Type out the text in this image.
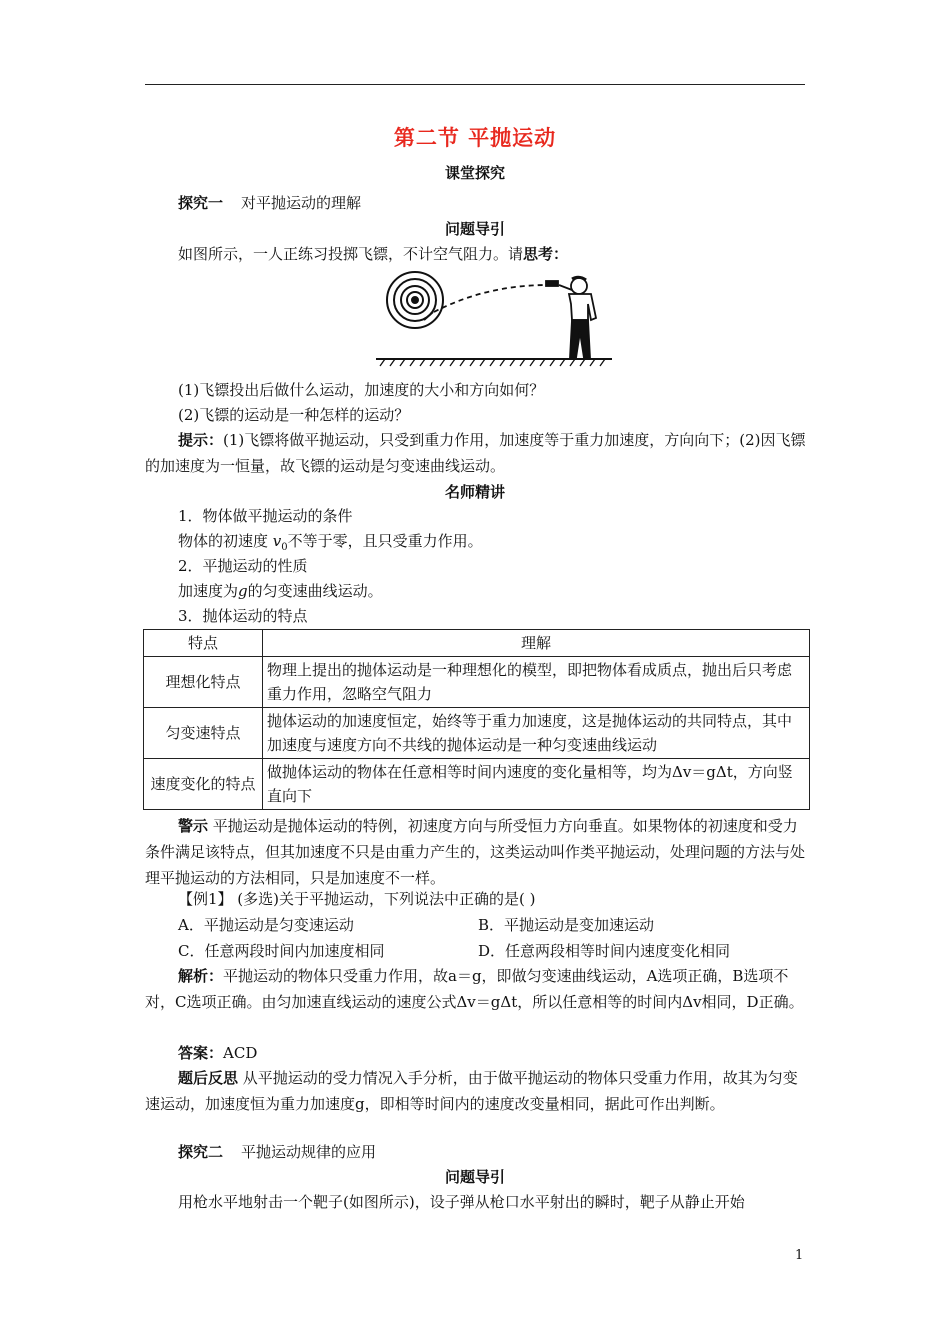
第二节 平抛运动
课堂探究
探究一 对平抛运动的理解
问题导引
如图所示，一人正练习投掷飞镖，不计空气阻力。请思考：
(1)飞镖投出后做什么运动，加速度的大小和方向如何？
(2)飞镖的运动是一种怎样的运动？
提示：(1)飞镖将做平抛运动，只受到重力作用，加速度等于重力加速度，方向向下；(2)因飞镖的加速度为一恒量，故飞镖的运动是匀变速曲线运动。
名师精讲
1．物体做平抛运动的条件
物体的初速度 $v_0$不等于零，且只受重力作用。
2．平抛运动的性质
加速度为g的匀变速曲线运动。
3．抛体运动的特点
特点	理解
理想化特点	物理上提出的抛体运动是一种理想化的模型，即把物体看成质点，抛出后只考虑重力作用，忽略空气阻力
匀变速特点	抛体运动的加速度恒定，始终等于重力加速度，这是抛体运动的共同特点，其中加速度与速度方向不共线的抛体运动是一种匀变速曲线运动
速度变化的特点	做抛体运动的物体在任意相等时间内速度的变化量相等，均为Δv＝gΔt，方向竖直向下
警示 平抛运动是抛体运动的特例，初速度方向与所受恒力方向垂直。如果物体的初速度和受力条件满足该特点，但其加速度不只是由重力产生的，这类运动叫作类平抛运动，处理问题的方法与处理平抛运动的方法相同，只是加速度不一样。
【例1】 (多选)关于平抛运动，下列说法中正确的是( )
A．平抛运动是匀变速运动	B．平抛运动是变加速运动
C．任意两段时间内加速度相同	D．任意两段相等时间内速度变化相同
解析：平抛运动的物体只受重力作用，故a＝g，即做匀变速曲线运动，A选项正确，B选项不对，C选项正确。由匀加速直线运动的速度公式Δv＝gΔt，所以任意相等的时间内Δv相同，D正确。
答案：ACD
题后反思 从平抛运动的受力情况入手分析，由于做平抛运动的物体只受重力作用，故其为匀变速运动，加速度恒为重力加速度g，即相等时间内的速度改变量相同，据此可作出判断。
探究二 平抛运动规律的应用
问题导引
用枪水平地射击一个靶子(如图所示)，设子弹从枪口水平射出的瞬时，靶子从静止开始
1
